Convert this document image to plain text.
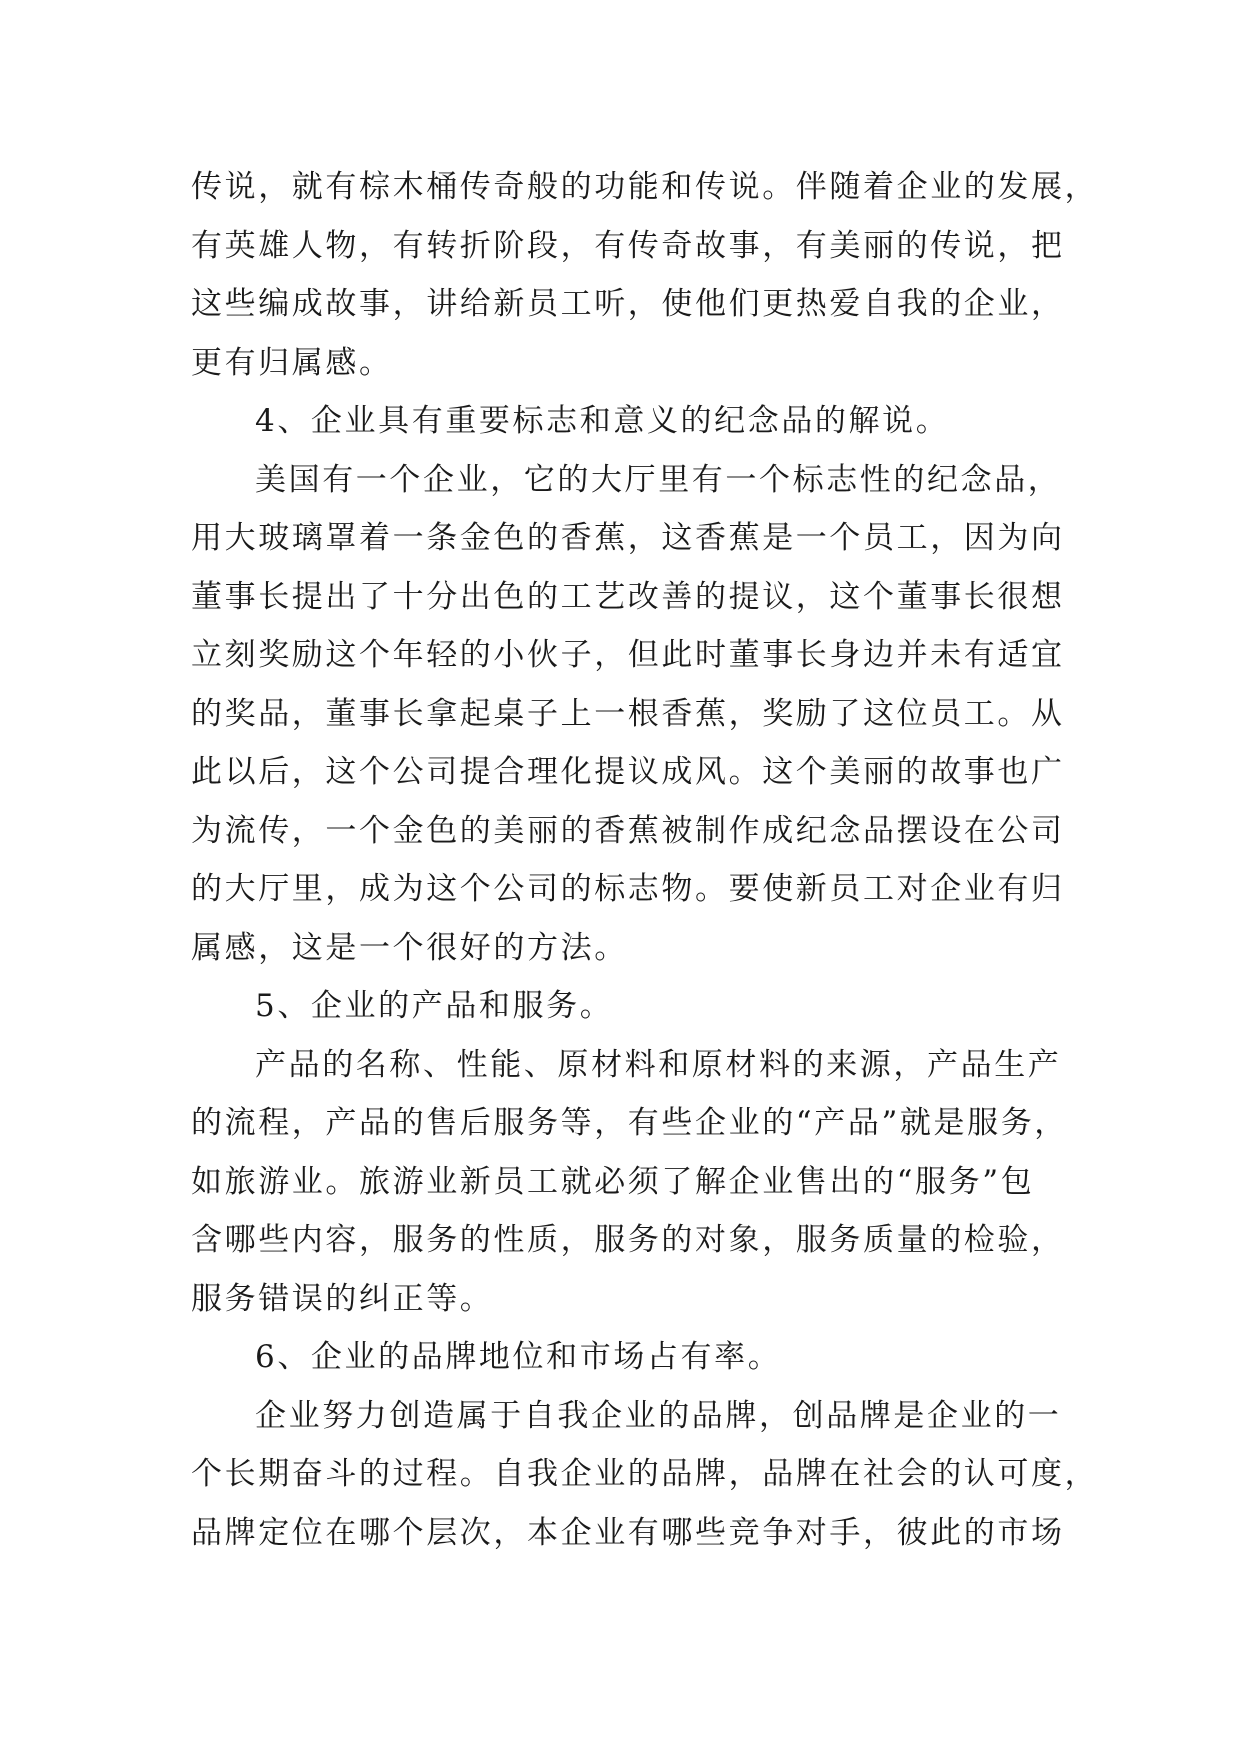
传说，就有棕木桶传奇般的功能和传说。伴随着企业的发展，
有英雄人物，有转折阶段，有传奇故事，有美丽的传说，把
这些编成故事，讲给新员工听，使他们更热爱自我的企业，
更有归属感。
4、企业具有重要标志和意义的纪念品的解说。
美国有一个企业，它的大厅里有一个标志性的纪念品，
用大玻璃罩着一条金色的香蕉，这香蕉是一个员工，因为向
董事长提出了十分出色的工艺改善的提议，这个董事长很想
立刻奖励这个年轻的小伙子，但此时董事长身边并未有适宜
的奖品，董事长拿起桌子上一根香蕉，奖励了这位员工。从
此以后，这个公司提合理化提议成风。这个美丽的故事也广
为流传，一个金色的美丽的香蕉被制作成纪念品摆设在公司
的大厅里，成为这个公司的标志物。要使新员工对企业有归
属感，这是一个很好的方法。
5、企业的产品和服务。
产品的名称、性能、原材料和原材料的来源，产品生产
的流程，产品的售后服务等，有些企业的“产品”就是服务，
如旅游业。旅游业新员工就必须了解企业售出的“服务”包
含哪些内容，服务的性质，服务的对象，服务质量的检验，
服务错误的纠正等。
6、企业的品牌地位和市场占有率。
企业努力创造属于自我企业的品牌，创品牌是企业的一
个长期奋斗的过程。自我企业的品牌，品牌在社会的认可度，
品牌定位在哪个层次，本企业有哪些竞争对手，彼此的市场
